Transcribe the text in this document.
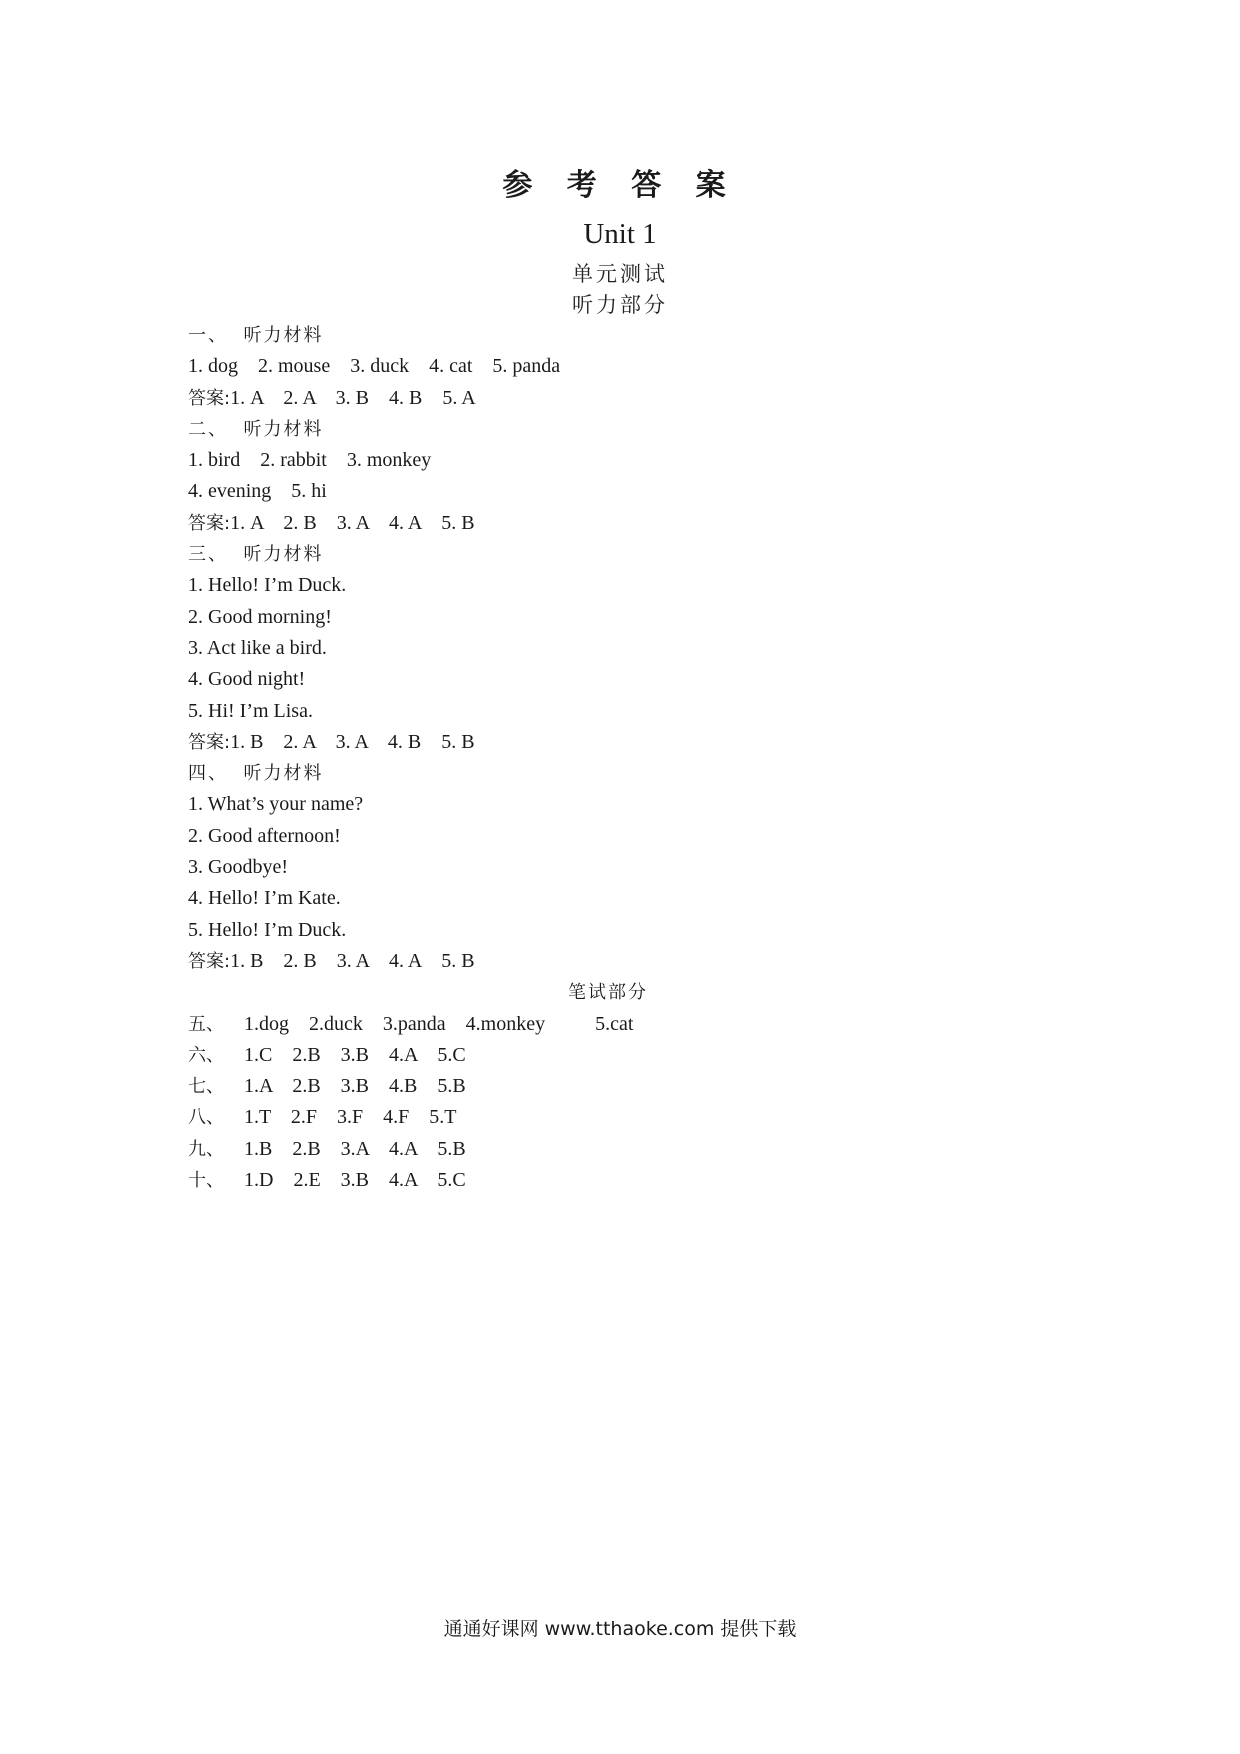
参 考 答 案
Unit 1
单元测试
听力部分
一、  听力材料
1. dog    2. mouse    3. duck    4. cat    5. panda
答案:1. A    2. A    3. B    4. B    5. A
二、  听力材料
1. bird    2. rabbit    3. monkey
4. evening    5. hi
答案:1. A    2. B    3. A    4. A    5. B
三、  听力材料
1. Hello! I’m Duck.
2. Good morning!
3. Act like a bird.
4. Good night!
5. Hi! I’m Lisa.
答案:1. B    2. A    3. A    4. B    5. B
四、  听力材料
1. What’s your name?
2. Good afternoon!
3. Goodbye!
4. Hello! I’m Kate.
5. Hello! I’m Duck.
答案:1. B    2. B    3. A    4. A    5. B
笔试部分
五、 1.dog    2.duck    3.panda    4.monkey          5.cat
六、 1.C    2.B    3.B    4.A    5.C
七、 1.A    2.B    3.B    4.B    5.B
八、 1.T    2.F    3.F    4.F    5.T
九、 1.B    2.B    3.A    4.A    5.B
十、 1.D    2.E    3.B    4.A    5.C
通通好课网 www.tthaoke.com 提供下载
